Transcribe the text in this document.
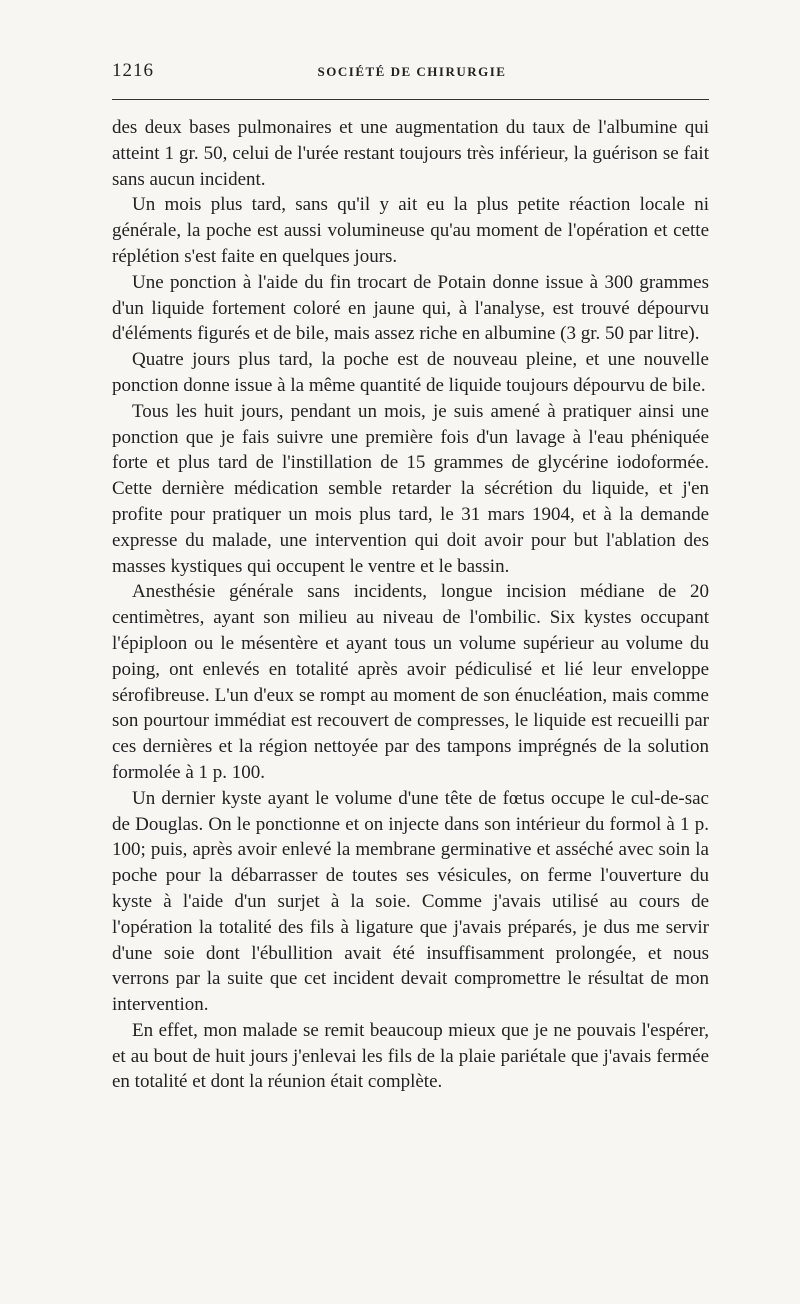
1216	SOCIÉTÉ DE CHIRURGIE

des deux bases pulmonaires et une augmentation du taux de l'albumine qui atteint 1 gr. 50, celui de l'urée restant toujours très inférieur, la guérison se fait sans aucun incident.

Un mois plus tard, sans qu'il y ait eu la plus petite réaction locale ni générale, la poche est aussi volumineuse qu'au moment de l'opération et cette réplétion s'est faite en quelques jours.

Une ponction à l'aide du fin trocart de Potain donne issue à 300 grammes d'un liquide fortement coloré en jaune qui, à l'analyse, est trouvé dépourvu d'éléments figurés et de bile, mais assez riche en albumine (3 gr. 50 par litre).

Quatre jours plus tard, la poche est de nouveau pleine, et une nouvelle ponction donne issue à la même quantité de liquide toujours dépourvu de bile.

Tous les huit jours, pendant un mois, je suis amené à pratiquer ainsi une ponction que je fais suivre une première fois d'un lavage à l'eau phéniquée forte et plus tard de l'instillation de 15 grammes de glycérine iodoformée. Cette dernière médication semble retarder la sécrétion du liquide, et j'en profite pour pratiquer un mois plus tard, le 31 mars 1904, et à la demande expresse du malade, une intervention qui doit avoir pour but l'ablation des masses kystiques qui occupent le ventre et le bassin.

Anesthésie générale sans incidents, longue incision médiane de 20 centimètres, ayant son milieu au niveau de l'ombilic. Six kystes occupant l'épiploon ou le mésentère et ayant tous un volume supérieur au volume du poing, ont enlevés en totalité après avoir pédiculisé et lié leur enveloppe sérofibreuse. L'un d'eux se rompt au moment de son énucléation, mais comme son pourtour immédiat est recouvert de compresses, le liquide est recueilli par ces dernières et la région nettoyée par des tampons imprégnés de la solution formolée à 1 p. 100.

Un dernier kyste ayant le volume d'une tête de fœtus occupe le cul-de-sac de Douglas. On le ponctionne et on injecte dans son intérieur du formol à 1 p. 100; puis, après avoir enlevé la membrane germinative et asséché avec soin la poche pour la débarrasser de toutes ses vésicules, on ferme l'ouverture du kyste à l'aide d'un surjet à la soie. Comme j'avais utilisé au cours de l'opération la totalité des fils à ligature que j'avais préparés, je dus me servir d'une soie dont l'ébullition avait été insuffisamment prolongée, et nous verrons par la suite que cet incident devait compromettre le résultat de mon intervention.

En effet, mon malade se remit beaucoup mieux que je ne pouvais l'espérer, et au bout de huit jours j'enlevai les fils de la plaie pariétale que j'avais fermée en totalité et dont la réunion était complète.
